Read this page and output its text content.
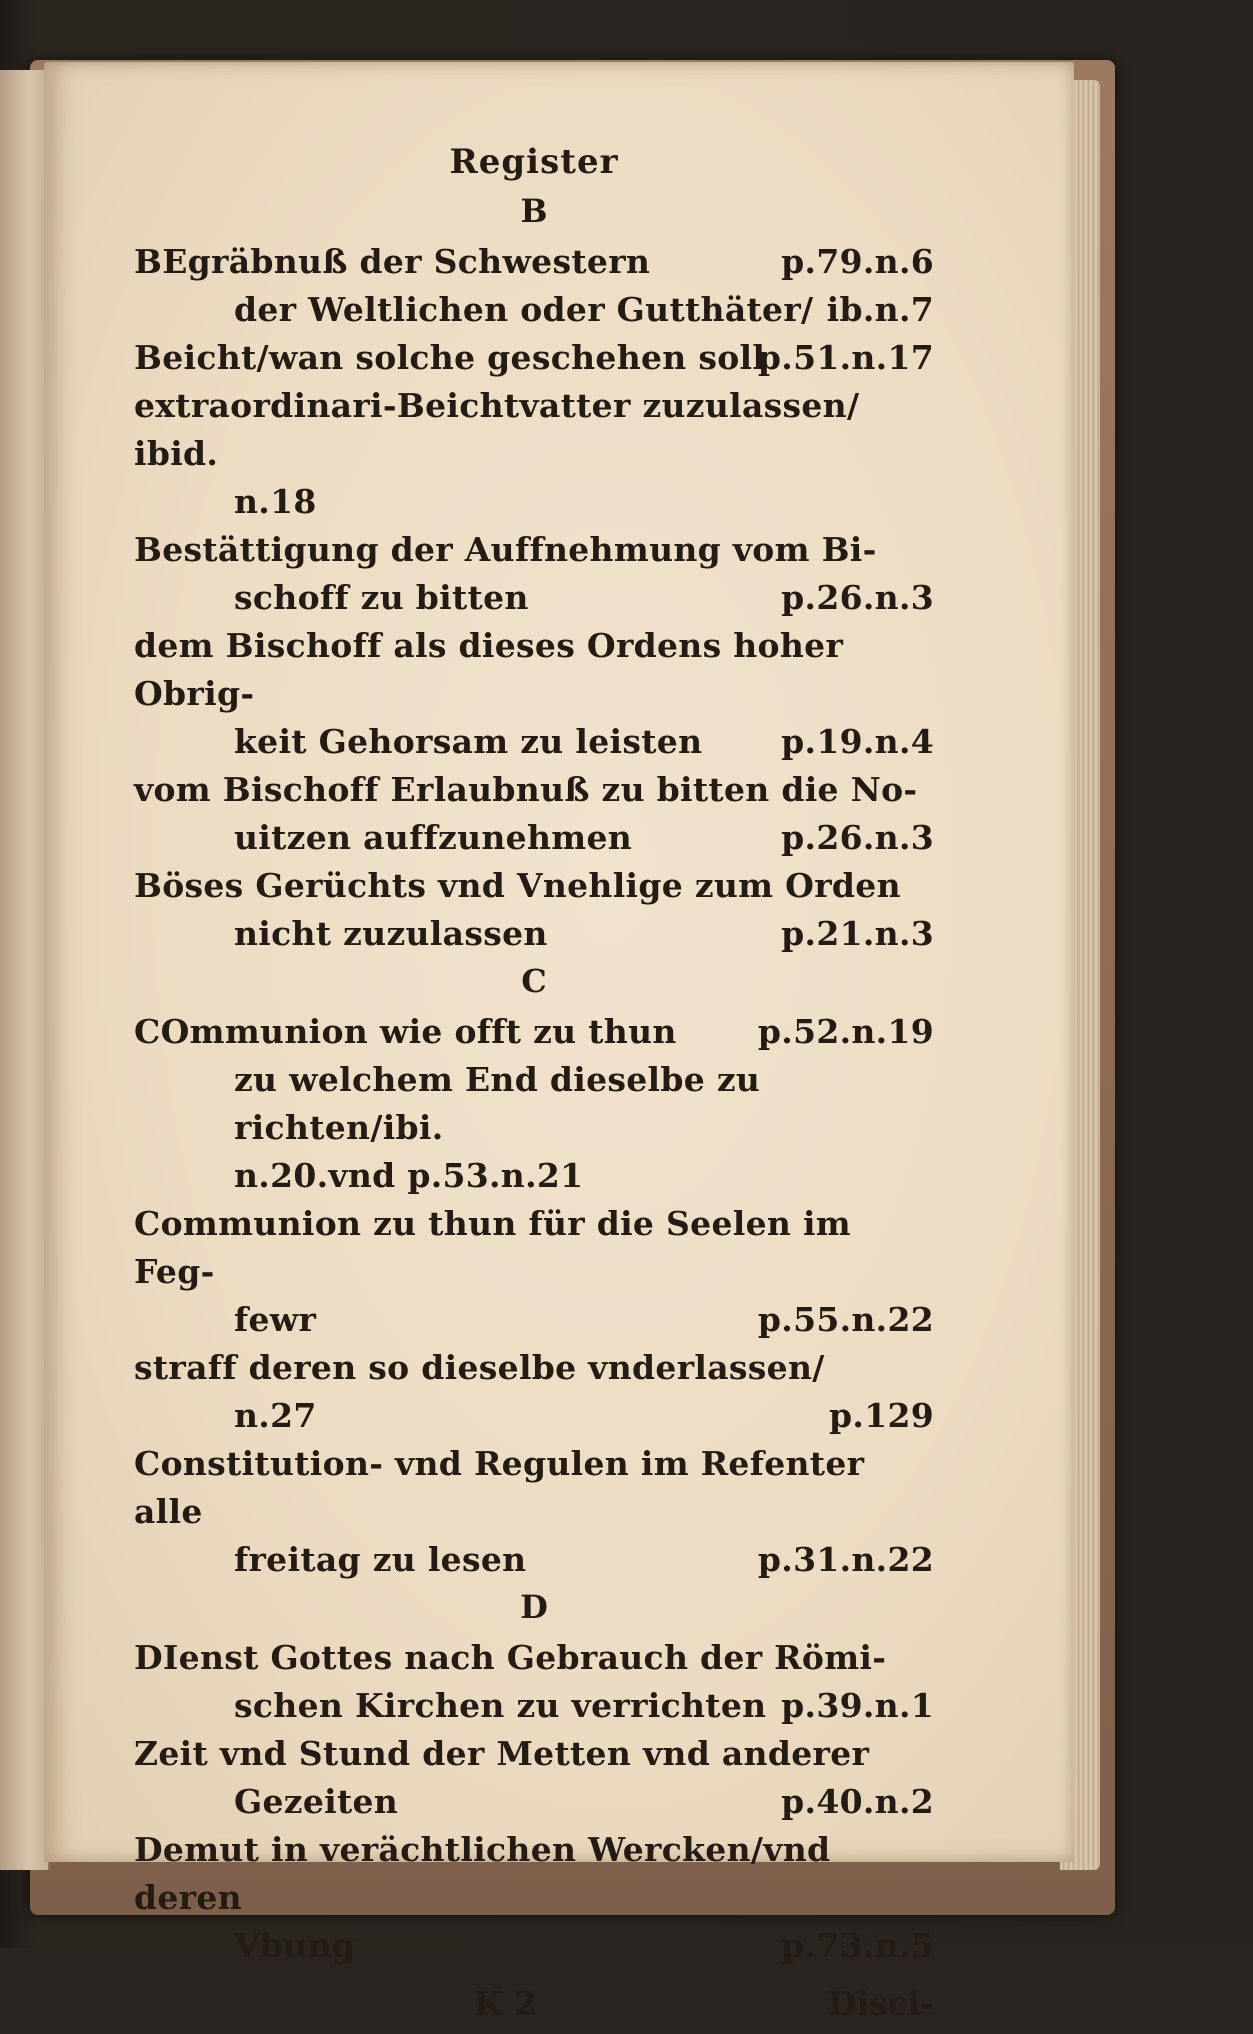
Register
B
BEgräbnuß der Schwestern	p.79.n.6
der Weltlichen oder Gutthäter/ ib.n.7
Beicht/wan solche geschehen soll
p.51.n.17
extraordinari-Beichtvatter zuzulassen/ ibid.
n.18
Bestättigung der Auffnehmung vom Bi-
schoff zu bitten	p.26.n.3
dem Bischoff als dieses Ordens hoher Obrig-
keit Gehorsam zu leisten	p.19.n.4
vom Bischoff Erlaubnuß zu bitten die No-
uitzen auffzunehmen	p.26.n.3
Böses Gerüchts vnd Vnehlige zum Orden
nicht zuzulassen	p.21.n.3
C
COmmunion wie offt zu thun	p.52.n.19
zu welchem End dieselbe zu richten/ibi.
n.20.vnd p.53.n.21
Communion zu thun für die Seelen im Feg-
fewr	p.55.n.22
straff deren so dieselbe vnderlassen/
n.27	p.129
Constitution- vnd Regulen im Refenter alle
freitag zu lesen	p.31.n.22
D
DIenst Gottes nach Gebrauch der Römi-
schen Kirchen zu verrichten p.39.n.1
Zeit vnd Stund der Metten vnd anderer
Gezeiten	p.40.n.2
Demut in verächtlichen Wercken/vnd deren
Vbung	p.73.n.5
K 2	Disci-
